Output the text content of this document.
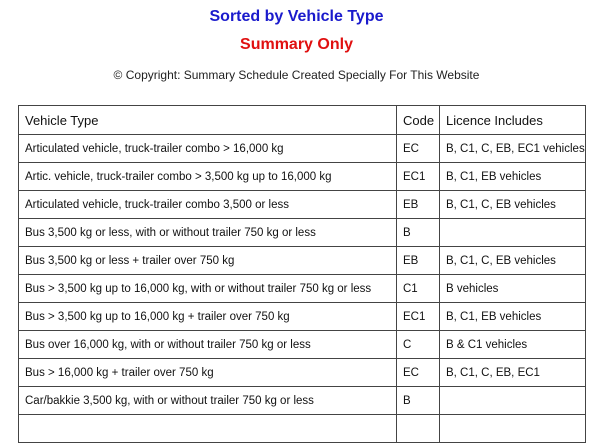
Sorted by Vehicle Type
Summary Only
© Copyright: Summary Schedule Created Specially For This Website
Vehicle Type	Code	Licence Includes
Articulated vehicle, truck-trailer combo > 16,000 kg	EC	B, C1, C, EB, EC1 vehicles
Artic. vehicle, truck-trailer combo > 3,500 kg up to 16,000 kg	EC1	B, C1, EB vehicles
Articulated vehicle, truck-trailer combo 3,500 or less	EB	B, C1, C, EB vehicles
Bus 3,500 kg or less, with or without trailer 750 kg or less	B	
Bus 3,500 kg or less + trailer over 750 kg	EB	B, C1, C, EB vehicles
Bus > 3,500 kg up to 16,000 kg, with or without trailer 750 kg or less	C1	B vehicles
Bus > 3,500 kg up to 16,000 kg + trailer over 750 kg	EC1	B, C1, EB vehicles
Bus over 16,000 kg, with or without trailer 750 kg or less	C	B & C1 vehicles
Bus > 16,000 kg + trailer over 750 kg	EC	B, C1, C, EB, EC1
Car/bakkie 3,500 kg, with or without trailer 750 kg or less	B	
